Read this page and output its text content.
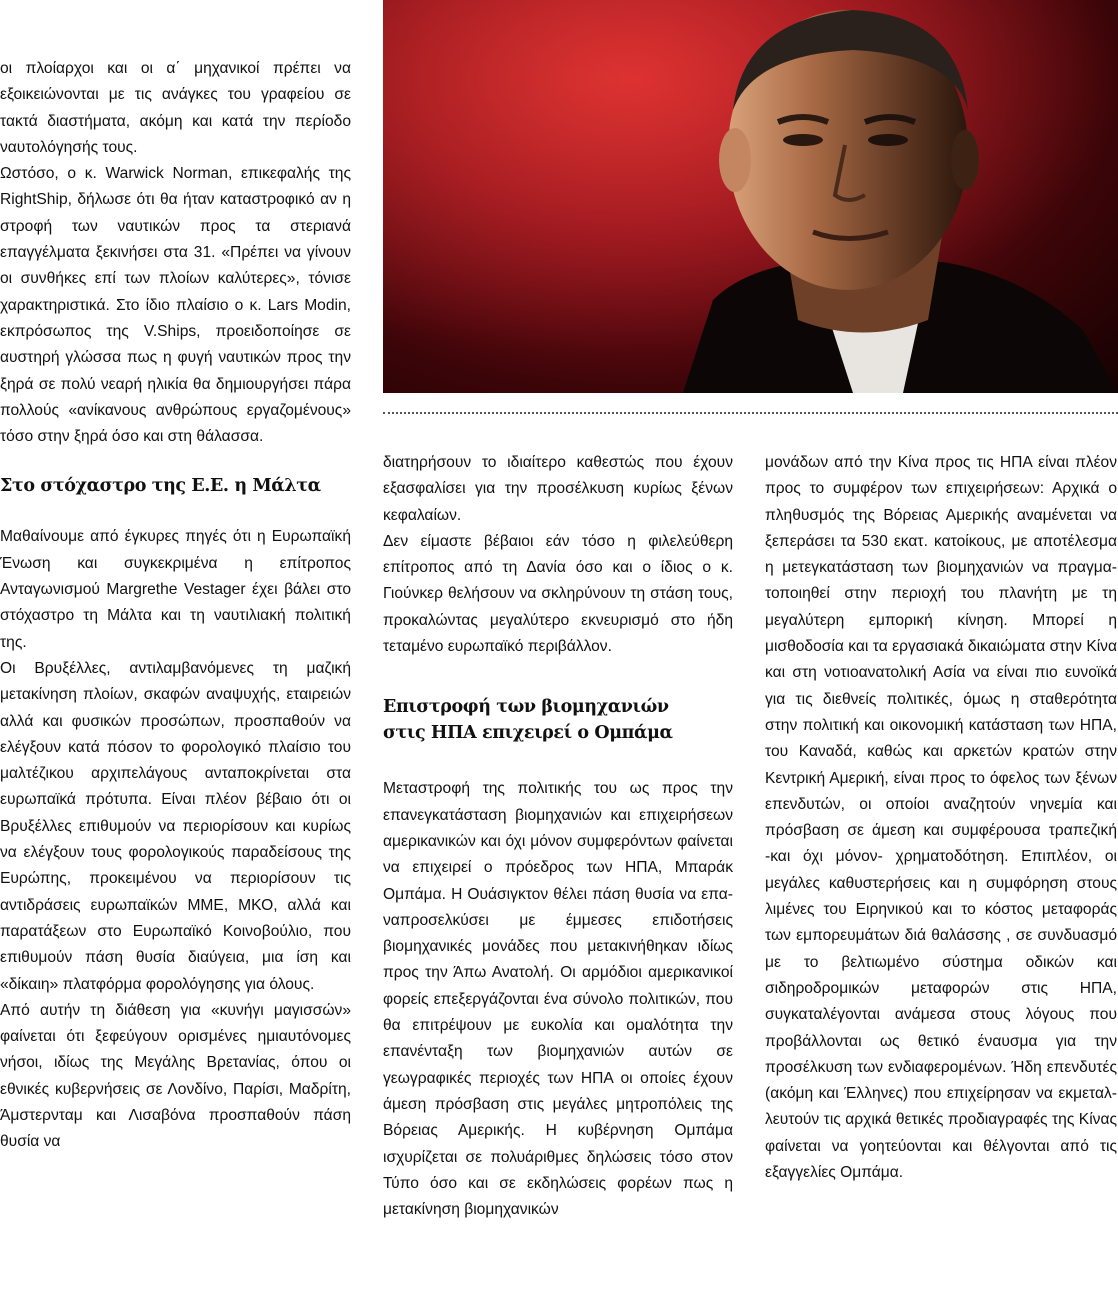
οι πλοίαρχοι και οι α΄ μηχανικοί πρέπει να εξοικειώνονται με τις ανάγκες του γραφείου σε τακτά διαστήματα, ακόμη και κατά την περίοδο ναυτολόγησής τους.

Ωστόσο, ο κ. Warwick Norman, επικεφαλής της RightShip, δήλωσε ότι θα ήταν καταστροφικό αν η στροφή των ναυτικών προς τα στεριανά επαγγέλματα ξεκινήσει στα 31. «Πρέπει να γίνουν οι συνθήκες επί των πλοίων καλύτερες», τόνισε χαρακτηριστικά. Στο ίδιο πλαίσιο ο κ. Lars Modin, εκπρόσωπος της V.Ships, προειδοποίησε σε αυστηρή γλώσσα πως η φυγή ναυτικών προς την ξηρά σε πολύ νεαρή ηλικία θα δημιουργήσει πάρα πολλούς «ανίκανους ανθρώπους εργαζομένους» τόσο στην ξηρά όσο και στη θάλασσα.

Στο στόχαστρο της Ε.Ε. η Μάλτα

Μαθαίνουμε από έγκυρες πηγές ότι η Ευρωπαϊκή Ένωση και συγκεκριμένα η επίτροπος Ανταγωνισμού Margrethe Vestager έχει βάλει στο στόχαστρο τη Μάλτα και τη ναυτιλιακή πολιτική της.

Οι Βρυξέλλες, αντιλαμβανόμενες τη μαζική μετακίνηση πλοίων, σκαφών αναψυχής, εταιρειών αλλά και φυσικών προσώπων, προσπαθούν να ελέγξουν κατά πόσον το φορολογικό πλαίσιο του μαλτέζικου αρχιπελάγους ανταποκρίνεται στα ευρωπαϊκά πρότυπα. Είναι πλέον βέβαιο ότι οι Βρυξέλλες επιθυμούν να περιορίσουν και κυρίως να ελέγξουν τους φορολογικούς παραδείσους της Ευρώπης, προκειμένου να περιορίσουν τις αντιδράσεις ευρωπαϊκών ΜΜΕ, ΜΚΟ, αλλά και παρατάξεων στο Ευρωπαϊκό Κοινοβούλιο, που επιθυμούν πάση θυσία διαύγεια, μια ίση και «δίκαιη» πλατφόρμα φορολόγησης για όλους.

Από αυτήν τη διάθεση για «κυνήγι μαγισσών» φαίνεται ότι ξεφεύγουν ορισμένες ημιαυτόνομες νήσοι, ιδίως της Μεγάλης Βρετανίας, όπου οι εθνικές κυβερνήσεις σε Λονδίνο, Παρίσι, Μαδρίτη, Άμστερνταμ και Λισαβόνα προσπαθούν πάση θυσία να

διατηρήσουν το ιδιαίτερο καθεστώς που έχουν εξασφαλίσει για την προσέλκυση κυρίως ξένων κεφαλαίων.

Δεν είμαστε βέβαιοι εάν τόσο η φιλελεύθερη επίτροπος από τη Δανία όσο και ο ίδιος ο κ. Γιούνκερ θελήσουν να σκληρύνουν τη στάση τους, προκαλώντας μεγαλύτερο εκνευρισμό στο ήδη τεταμένο ευρωπαϊκό περιβάλλον.

Επιστροφή των βιομηχανιών
στις ΗΠΑ επιχειρεί ο Ομπάμα

Μεταστροφή της πολιτικής του ως προς την επανεγκατάσταση βιομηχανιών και επιχειρήσεων αμερικανικών και όχι μόνον συμφερόντων φαίνεται να επιχειρεί ο πρόεδρος των ΗΠΑ, Μπαράκ Ομπάμα. Η Ουάσιγκτον θέλει πάση θυσία να επαναπροσελκύσει με έμμεσες επιδοτήσεις βιομηχανικές μονάδες που μετακινήθηκαν ιδίως προς την Άπω Ανατολή. Οι αρμόδιοι αμερικανικοί φορείς επεξεργάζονται ένα σύνολο πολιτικών, που θα επιτρέψουν με ευκολία και ομαλότητα την επανένταξη των βιομηχανιών αυτών σε γεωγραφικές περιοχές των ΗΠΑ οι οποίες έχουν άμεση πρόσβαση στις μεγάλες μητροπόλεις της Βόρειας Αμερικής. Η κυβέρνηση Ομπάμα ισχυρίζεται σε πολυάριθμες δηλώσεις τόσο στον Τύπο όσο και σε εκδηλώσεις φορέων πως η μετακίνηση βιομηχανικών

μονάδων από την Κίνα προς τις ΗΠΑ είναι πλέον προς το συμφέρον των επιχειρήσεων: Αρχικά ο πληθυσμός της Βόρειας Αμερικής αναμένεται να ξεπεράσει τα 530 εκατ. κατοίκους, με αποτέλεσμα η μετεγκατάσταση των βιομηχανιών να πραγματοποιηθεί στην περιοχή του πλανήτη με τη μεγαλύτερη εμπορική κίνηση. Μπορεί η μισθοδοσία και τα εργασιακά δικαιώματα στην Κίνα και στη νοτιοανατολική Ασία να είναι πιο ευνοϊκά για τις διεθνείς πολιτικές, όμως η σταθερότητα στην πολιτική και οικονομική κατάσταση των ΗΠΑ, του Καναδά, καθώς και αρκετών κρατών στην Κεντρική Αμερική, είναι προς το όφελος των ξένων επενδυτών, οι οποίοι αναζητούν νηνεμία και πρόσβαση σε άμεση και συμφέρουσα τραπεζική -και όχι μόνον- χρηματοδότηση. Επιπλέον, οι μεγάλες καθυστερήσεις και η συμφόρηση στους λιμένες του Ειρηνικού και το κόστος μεταφοράς των εμπορευμάτων διά θαλάσσης , σε συνδυασμό με το βελτιωμένο σύστημα οδικών και σιδηροδρομικών μεταφορών στις ΗΠΑ, συγκαταλέγονται ανάμεσα στους λόγους που προβάλλονται ως θετικό έναυσμα για την προσέλκυση των ενδιαφερομένων. Ήδη επενδυτές (ακόμη και Έλληνες) που επιχείρησαν να εκμεταλλευτούν τις αρχικά θετικές προδιαγραφές της Κίνας φαίνεται να γοητεύονται και θέλγονται από τις εξαγγελίες Ομπάμα.
